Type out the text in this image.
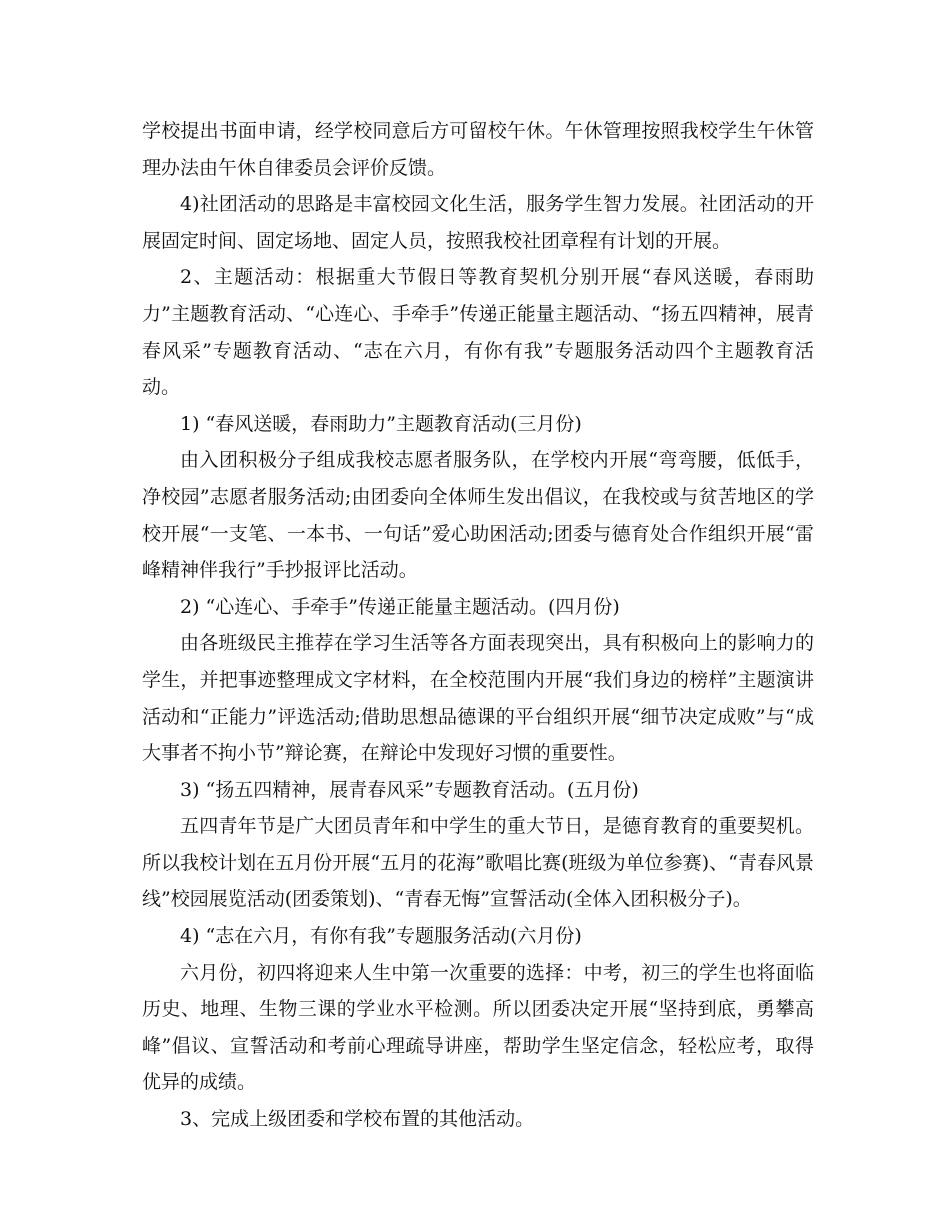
学校提出书面申请，经学校同意后方可留校午休。午休管理按照我校学生午休管理办法由午休自律委员会评价反馈。

4)社团活动的思路是丰富校园文化生活，服务学生智力发展。社团活动的开展固定时间、固定场地、固定人员，按照我校社团章程有计划的开展。

2、主题活动：根据重大节假日等教育契机分别开展“春风送暖，春雨助力”主题教育活动、“心连心、手牵手”传递正能量主题活动、“扬五四精神，展青春风采”专题教育活动、“志在六月，有你有我”专题服务活动四个主题教育活动。

1) “春风送暖，春雨助力”主题教育活动(三月份)

由入团积极分子组成我校志愿者服务队，在学校内开展“弯弯腰，低低手，净校园”志愿者服务活动;由团委向全体师生发出倡议，在我校或与贫苦地区的学校开展“一支笔、一本书、一句话”爱心助困活动;团委与德育处合作组织开展“雷峰精神伴我行”手抄报评比活动。

2) “心连心、手牵手”传递正能量主题活动。(四月份)

由各班级民主推荐在学习生活等各方面表现突出，具有积极向上的影响力的学生，并把事迹整理成文字材料，在全校范围内开展“我们身边的榜样”主题演讲活动和“正能力”评选活动;借助思想品德课的平台组织开展“细节决定成败”与“成大事者不拘小节”辩论赛，在辩论中发现好习惯的重要性。

3) “扬五四精神，展青春风采”专题教育活动。(五月份)

五四青年节是广大团员青年和中学生的重大节日，是德育教育的重要契机。所以我校计划在五月份开展“五月的花海”歌唱比赛(班级为单位参赛)、“青春风景线”校园展览活动(团委策划)、“青春无悔”宣誓活动(全体入团积极分子)。

4) “志在六月，有你有我”专题服务活动(六月份)

六月份，初四将迎来人生中第一次重要的选择：中考，初三的学生也将面临历史、地理、生物三课的学业水平检测。所以团委决定开展“坚持到底，勇攀高峰”倡议、宣誓活动和考前心理疏导讲座，帮助学生坚定信念，轻松应考，取得优异的成绩。

3、完成上级团委和学校布置的其他活动。
